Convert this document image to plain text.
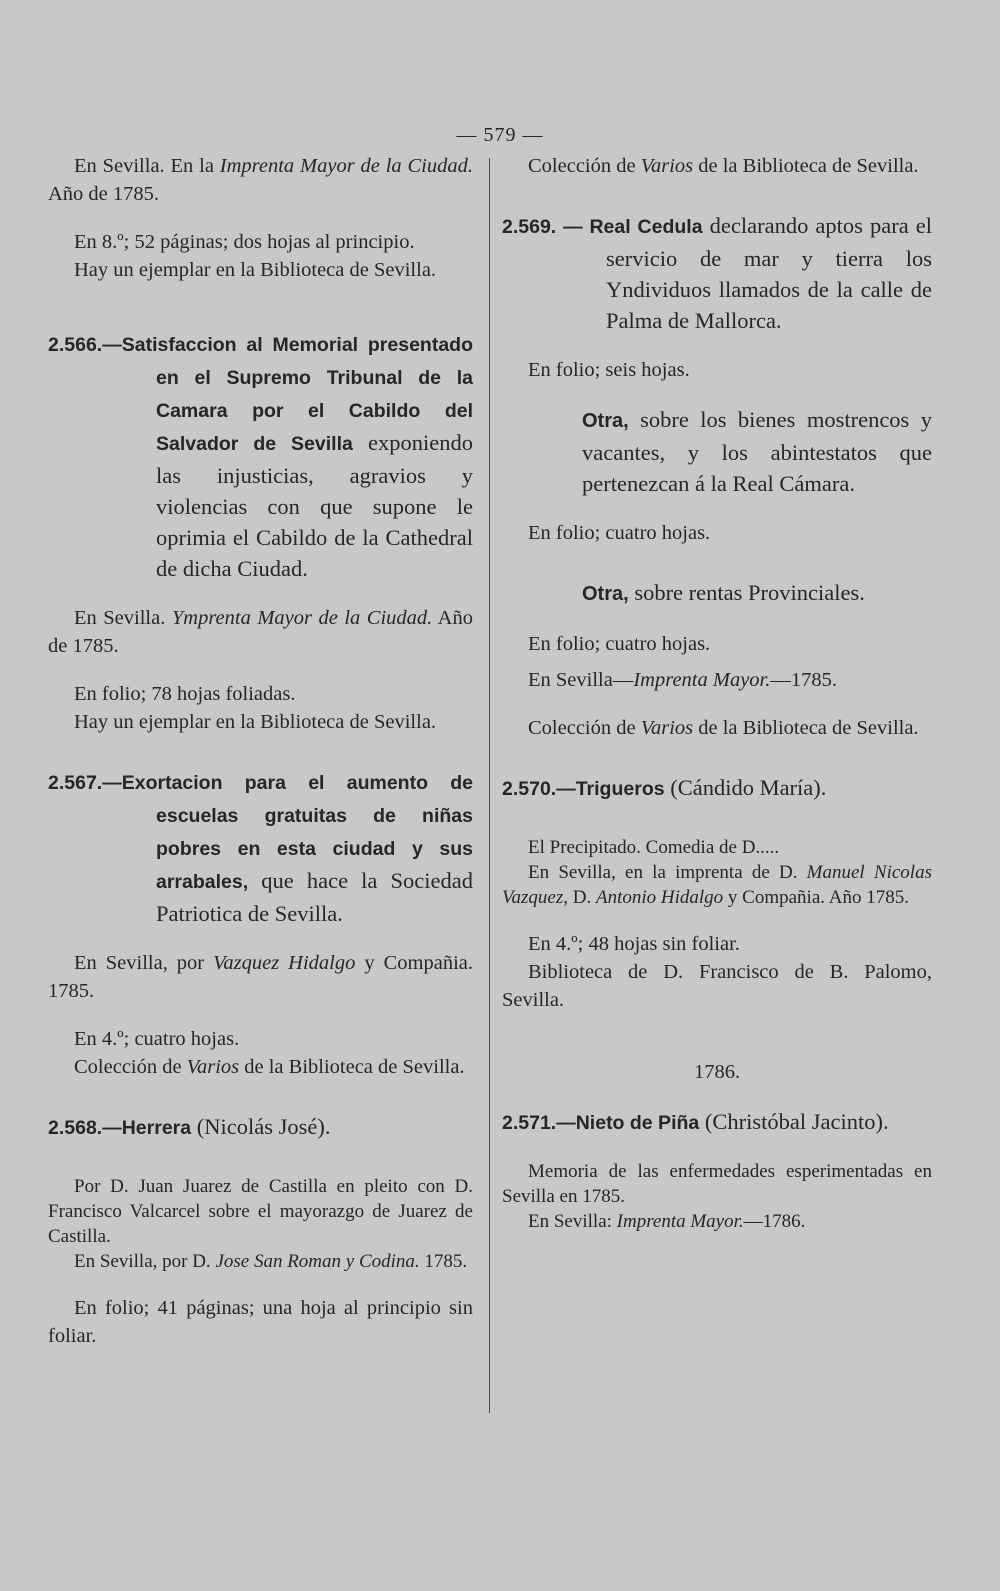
— 579 —

En Sevilla. En la Imprenta Mayor de la Ciudad. Año de 1785.

En 8.º; 52 páginas; dos hojas al principio.

Hay un ejemplar en la Biblioteca de Sevilla.

2.566.—Satisfaccion al Memorial presentado en el Supremo Tribunal de la Camara por el Cabildo del Salvador de Sevilla exponiendo las injusticias, agravios y violencias con que supone le oprimia el Cabildo de la Cathedral de dicha Ciudad.

En Sevilla. Ymprenta Mayor de la Ciudad. Año de 1785.

En folio; 78 hojas foliadas.

Hay un ejemplar en la Biblioteca de Sevilla.

2.567.—Exortacion para el aumento de escuelas gratuitas de niñas pobres en esta ciudad y sus arrabales, que hace la Sociedad Patriotica de Sevilla.

En Sevilla, por Vazquez Hidalgo y Compañia. 1785.

En 4.º; cuatro hojas.

Colección de Varios de la Biblioteca de Sevilla.

2.568.—Herrera (Nicolás José).

Por D. Juan Juarez de Castilla en pleito con D. Francisco Valcarcel sobre el mayorazgo de Juarez de Castilla.

En Sevilla, por D. Jose San Roman y Codina. 1785.

En folio; 41 páginas; una hoja al principio sin foliar.

Colección de Varios de la Biblioteca de Sevilla.

2.569. — Real Cedula declarando aptos para el servicio de mar y tierra los Yndividuos llamados de la calle de Palma de Mallorca.

En folio; seis hojas.

Otra, sobre los bienes mostrencos y vacantes, y los abintestatos que pertenezcan á la Real Cámara.

En folio; cuatro hojas.

Otra, sobre rentas Provinciales.

En folio; cuatro hojas.

En Sevilla—Imprenta Mayor.—1785.

Colección de Varios de la Biblioteca de Sevilla.

2.570.—Trigueros (Cándido María).

El Precipitado. Comedia de D.....

En Sevilla, en la imprenta de D. Manuel Nicolas Vazquez, D. Antonio Hidalgo y Compañia. Año 1785.

En 4.º; 48 hojas sin foliar.

Biblioteca de D. Francisco de B. Palomo, Sevilla.

1786.

2.571.—Nieto de Piña (Christóbal Jacinto).

Memoria de las enfermedades esperimentadas en Sevilla en 1785.

En Sevilla: Imprenta Mayor.—1786.
